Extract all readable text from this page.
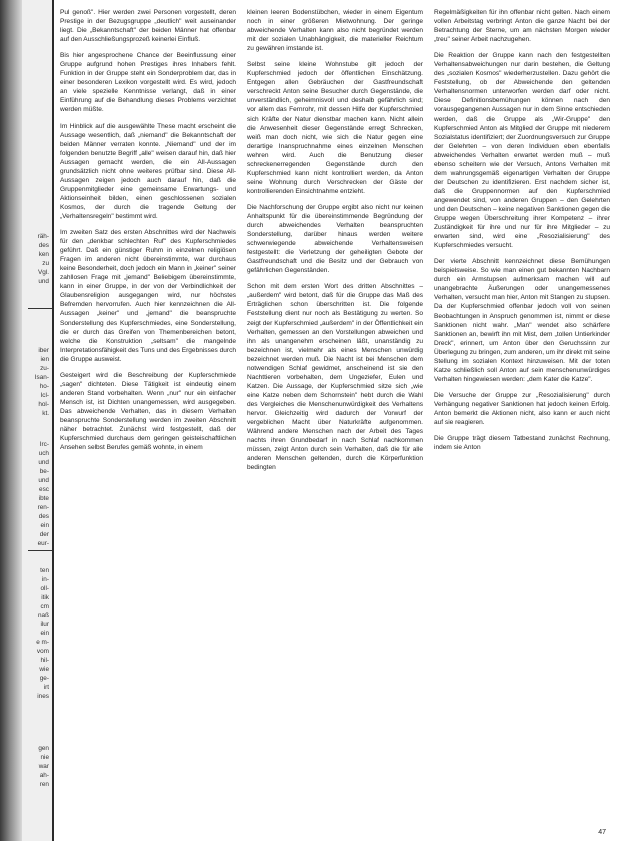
räh-
des
ken
zu
Vgl.
und
iber
ien
zu-
Isan-
ho-
Icl-
hol-
kt.
Irc-
uch
und
be-
und
esc
ibte
ren-
des
ein
der
eur-
ten
in-
oll-
itik
cm
naß
ilur
ein
e m-
vom
hil-
wie
ge-
irt
ines
gen
nie
war
ah-
ren

Pul genoß". Hier werden zwei Personen vorgestellt, deren Prestige in der Bezugsgruppe „deutlich" weit auseinander liegt. Die „Bekanntschaft" der beiden Männer hat offenbar auf den Ausschließungsprozeß keinerlei Einfluß.

Bis hier angesprochene Chance der Beeinflussung einer Gruppe aufgrund hohen Prestiges ihres Inhabers fehlt. Funktion in der Gruppe steht ein Sonderproblem dar, das in einer besonderen Lexikon vorgestellt wird. Es wird, jedoch an viele spezielle Kenntnisse verlangt, daß in einer Einführung auf die Behandlung dieses Problems verzichtet werden müßte.

Im Hinblick auf die ausgewählte These macht erscheint die Aussage wesentlich, daß „niemand" die Bekanntschaft der beiden Männer verraten konnte. „Niemand" und der im folgenden benutzte Begriff „alle" weisen darauf hin, daß hier Aussagen gemacht werden, die ein All-Aussagen grundsätzlich nicht ohne weiteres prüfbar sind. Diese All-Aussagen zeigen jedoch auch darauf hin, daß die Gruppenmitglieder eine gemeinsame Erwartungs- und Aktionseinheit bilden, einen geschlossenen sozialen Kosmos, der durch die tragende Geltung der „Verhaltensregeln" bestimmt wird.

Im zweiten Satz des ersten Abschnittes wird der Nachweis für den „denkbar schlechten Ruf" des Kupferschmiedes geführt. Daß ein günstiger Ruhm in einzelnen religiösen Fragen im anderen nicht übereinstimmte, war durchaus keine Besonderheit, doch jedoch ein Mann in „keiner" seiner zahllosen Frage mit „jemand" Beliebigem übereinstimmte, kann in einer Gruppe, in der von der Verbindlichkeit der Glaubensreligion ausgegangen wird, nur höchstes Befremden hervorrufen. Auch hier kennzeichnen die All-Aussagen „keiner" und „jemand" die beanspruchte Sonderstellung des Kupferschmiedes, eine Sonderstellung, die er durch das Greifen von Themenbereichen betont, welche die Konstruktion „seltsam" die mangelnde Interpretationsfähigkeit des Tuns und des Ergebnisses durch die Gruppe ausweist.

Gesteigert wird die Beschreibung der Kupferschmiede „sagen" dichteten. Diese Tätigkeit ist eindeutig einem anderen Stand vorbehalten. Wenn „nur" nur ein einfacher Mensch ist, ist Dichten unangemessen, wird ausgegeben. Das abweichende Verhalten, das in diesem Verhalten beanspruchte Sonderstellung werden im zweiten Abschnitt näher betrachtet. Zunächst wird festgestellt, daß der Kupferschmied durchaus dem geringen geisteischaftlichen Ansehen selbst Berufes gemäß wohnte, in einem

kleinen leeren Bodenstübchen, wieder in einem Eigentum noch in einer größeren Mietwohnung. Der geringe abweichende Verhalten kann also nicht begründet werden mit der sozialen Unabhängigkeit, die materieller Reichtum zu gewähren imstande ist.

Selbst seine kleine Wohnstube gilt jedoch der Kupferschmied jedoch der öffentlichen Einschätzung. Entgegen allen Gebräuchen der Gastfreundschaft verschreckt Anton seine Besucher durch Gegenstände, die unverständlich, geheimnisvoll und deshalb gefährlich sind; vor allem das Fernrohr, mit dessen Hilfe der Kupferschmied sich Kräfte der Natur dienstbar machen kann. Nicht allein die Anwesenheit dieser Gegenstände erregt Schrecken, weiß man doch nicht, wie sich die Natur gegen eine derartige Inanspruchnahme eines einzelnen Menschen wehren wird. Auch die Benutzung dieser schreckenerregenden Gegenstände durch den Kupferschmied kann nicht kontrolliert werden, da Anton seine Wohnung durch Verschrecken der Gäste der kontrollierenden Einsichtnahme entzieht.

Die Nachforschung der Gruppe ergibt also nicht nur keinen Anhaltspunkt für die übereinstimmende Begründung der durch abweichendes Verhalten beanspruchten Sonderstellung, darüber hinaus werden weitere schwerwiegende abweichende Verhaltensweisen festgestellt: die Verletzung der geheiligten Gebote der Gastfreundschaft und die Besitz und der Gebrauch von gefährlichen Gegenständen.

Schon mit dem ersten Wort des dritten Abschnittes – „außerdem" wird betont, daß für die Gruppe das Maß des Erträglichen schon überschritten ist. Die folgende Feststellung dient nur noch als Bestätigung zu werten. So zeigt der Kupferschmied „außerdem" in der Öffentlichkeit ein Verhalten, gemessen an den Vorstellungen abweichen und ihn als unangenehm erscheinen läßt, unanständig zu bezeichnen ist, vielmehr als eines Menschen unwürdig bezeichnet werden muß. Die Nacht ist bei Menschen dem notwendigen Schlaf gewidmet, anscheinend ist sie den Nachttieren vorbehalten, dem Ungeziefer, Eulen und Katzen. Die Aussage, der Kupferschmied sitze sich „wie eine Katze neben dem Schornstein" hebt durch die Wahl des Vergleiches die Menschenunwürdigkeit des Verhaltens hervor. Gleichzeitig wird dadurch der Vorwurf der vergeblichen Macht über Naturkräfte aufgenommen. Während andere Menschen nach der Arbeit des Tages nachts ihren Grundbedarf in nach Schlaf nachkommen müssen, zeigt Anton durch sein Verhalten, daß die für alle anderen Menschen geltenden, durch die Körperfunktion bedingten

Regelmäßigkeiten für ihn offenbar nicht gelten. Nach einem vollen Arbeitstag verbringt Anton die ganze Nacht bei der Betrachtung der Sterne, um am nächsten Morgen wieder „treu" seiner Arbeit nachzugehen.

Die Reaktion der Gruppe kann nach den festgestellten Verhaltensabweichungen nur darin bestehen, die Geltung des „sozialen Kosmos" wiederherzustellen. Dazu gehört die Feststellung, ob der Abweichende den geltenden Verhaltensnormen unterworfen werden darf oder nicht. Diese Definitionsbemühungen können nach den vorausgegangenen Aussagen nur in dem Sinne entschieden werden, daß die Gruppe als „Wir-Gruppe" den Kupferschmied Anton als Mitglied der Gruppe mit niederem Sozialstatus identifiziert; der Zuordnungsversuch zur Gruppe der Gelehrten – von deren Individuen eben ebenfalls abweichendes Verhalten erwartet werden muß – muß ebenso scheitern wie der Versuch, Antons Verhalten mit dem wahrungsgemäß eigenartigen Verhalten der Gruppe der Deutschen zu identifizieren. Erst nachdem sicher ist, daß die Gruppennormen auf den Kupferschmied angewendet sind, von anderen Gruppen – den Gelehrten und den Deutschen – keine negativen Sanktionen gegen die Gruppe wegen Überschreitung ihrer Kompetenz – ihrer Zuständigkeit für ihre und nur für ihre Mitglieder – zu erwarten sind, wird eine „Resozialisierung" des Kupferschmiedes versucht.

Der vierte Abschnitt kennzeichnet diese Bemühungen beispielsweise. So wie man einen gut bekannten Nachbarn durch ein Armstupsen aufmerksam machen will auf unangebrachte Äußerungen oder unangemessenes Verhalten, versucht man hier, Anton mit Stangen zu stupsen. Da der Kupferschmied offenbar jedoch voll von seinen Beobachtungen in Anspruch genommen ist, nimmt er diese Sanktionen nicht wahr. „Man" wendet also schärfere Sanktionen an, bewirft ihn mit Mist, dem „tollen Untierkinder Dreck", erinnert, um Anton über den Geruchssinn zur Überlegung zu bringen, zum anderen, um ihr direkt mit seine Stellung im sozialen Kontext hinzuweisen. Mit der toten Katze schließlich soll Anton auf sein menschenunwürdiges Verhalten hingewiesen werden: „dem Kater die Katze".

Die Versuche der Gruppe zur „Resozialisierung" durch Verhängung negativer Sanktionen hat jedoch keinen Erfolg. Anton bemerkt die Aktionen nicht, also kann er auch nicht auf sie reagieren.

Die Gruppe trägt diesem Tatbestand zunächst Rechnung, indem sie Anton

47
